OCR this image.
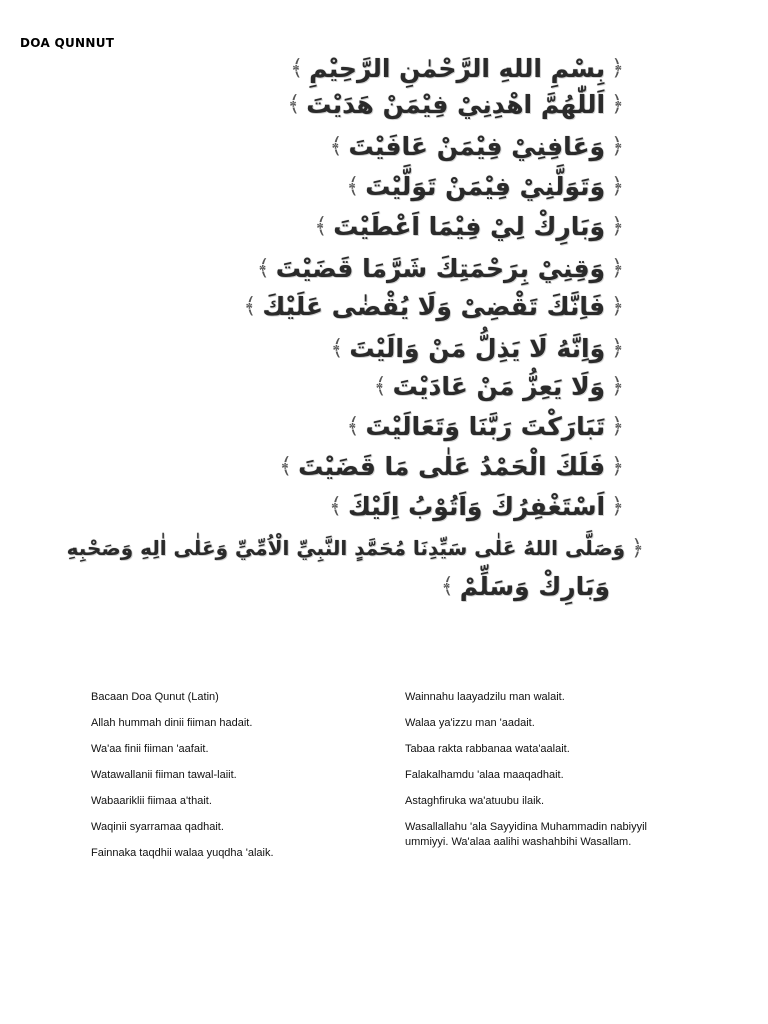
DOA QUNNUT
﴿
بِسْمِ اللهِ الرَّحْمٰنِ الرَّحِيْمِ
﴾
﴿
اَللّٰهُمَّ اهْدِنِيْ فِيْمَنْ هَدَيْتَ
﴾
﴿
وَعَافِنِيْ فِيْمَنْ عَافَيْتَ
﴾
﴿
وَتَوَلَّنِيْ فِيْمَنْ تَوَلَّيْتَ
﴾
﴿
وَبَارِكْ لِيْ فِيْمَا اَعْطَيْتَ
﴾
﴿
وَقِنِيْ بِرَحْمَتِكَ شَرَّمَا قَضَيْتَ
﴾
﴿
فَاِنَّكَ تَقْضِىْ وَلَا يُقْضٰى عَلَيْكَ
﴾
﴿
وَاِنَّهُ لَا يَذِلُّ مَنْ وَالَيْتَ
﴾
﴿
وَلَا يَعِزُّ مَنْ عَادَيْتَ
﴾
﴿
تَبَارَكْتَ رَبَّنَا وَتَعَالَيْتَ
﴾
﴿
فَلَكَ الْحَمْدُ عَلٰى مَا قَضَيْتَ
﴾
﴿
اَسْتَغْفِرُكَ وَاَتُوْبُ اِلَيْكَ
﴾
﴿
وَصَلَّى اللهُ عَلٰى سَيِّدِنَا مُحَمَّدٍ النَّبِيِّ الْاُمِّيِّ وَعَلٰى اٰلِهِ وَصَحْبِهِ
وَبَارِكْ وَسَلِّمْ
﴾

Bacaan Doa Qunut (Latin)

Allah hummah dinii fiiman hadait.

Wa'aa finii fiiman 'aafait.

Watawallanii fiiman tawal-laiit.

Wabaariklii fiimaa a'thait.

Waqinii syarramaa qadhait.

Fainnaka taqdhii walaa yuqdha 'alaik.

Wainnahu laayadzilu man walait.

Walaa ya'izzu man 'aadait.

Tabaa rakta rabbanaa wata'aalait.

Falakalhamdu 'alaa maaqadhait.

Astaghfiruka wa'atuubu ilaik.

Wasallallahu 'ala Sayyidina Muhammadin nabiyyil ummiyyi. Wa'alaa aalihi washahbihi Wasallam.
